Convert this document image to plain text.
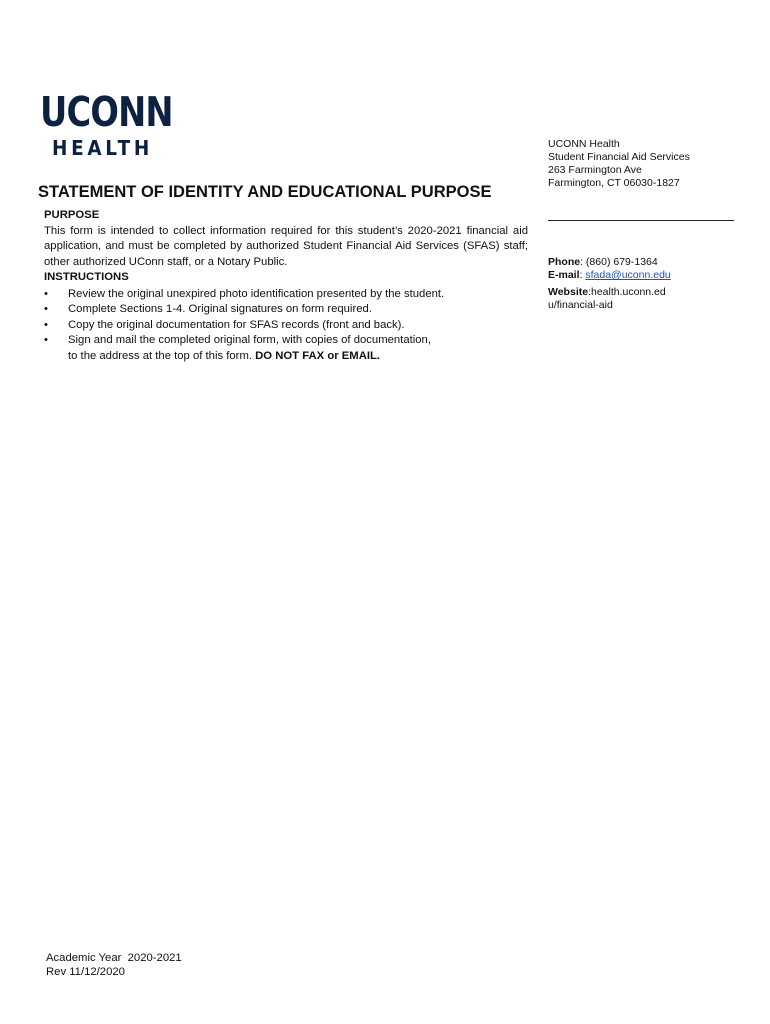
UCONN
HEALTH
STATEMENT OF IDENTITY AND EDUCATIONAL PURPOSE

PURPOSE

This form is intended to collect information required for this student’s 2020-2021 financial aid application, and must be completed by authorized Student Financial Aid Services (SFAS) staff; other authorized UConn staff, or a Notary Public.

INSTRUCTIONS

• Review the original unexpired photo identification presented by the student.
• Complete Sections 1-4. Original signatures on form required.
• Copy the original documentation for SFAS records (front and back).
• Sign and mail the completed original form, with copies of documentation,
to the address at the top of this form. DO NOT FAX or EMAIL.
UCONN Health
Student Financial Aid Services
263 Farmington Ave
Farmington, CT 06030-1827
Phone: (860) 679-1364
E-mail: sfada@uconn.edu
Website:health.uconn.ed
u/financial-aid
Academic Year  2020-2021
Rev 11/12/2020
